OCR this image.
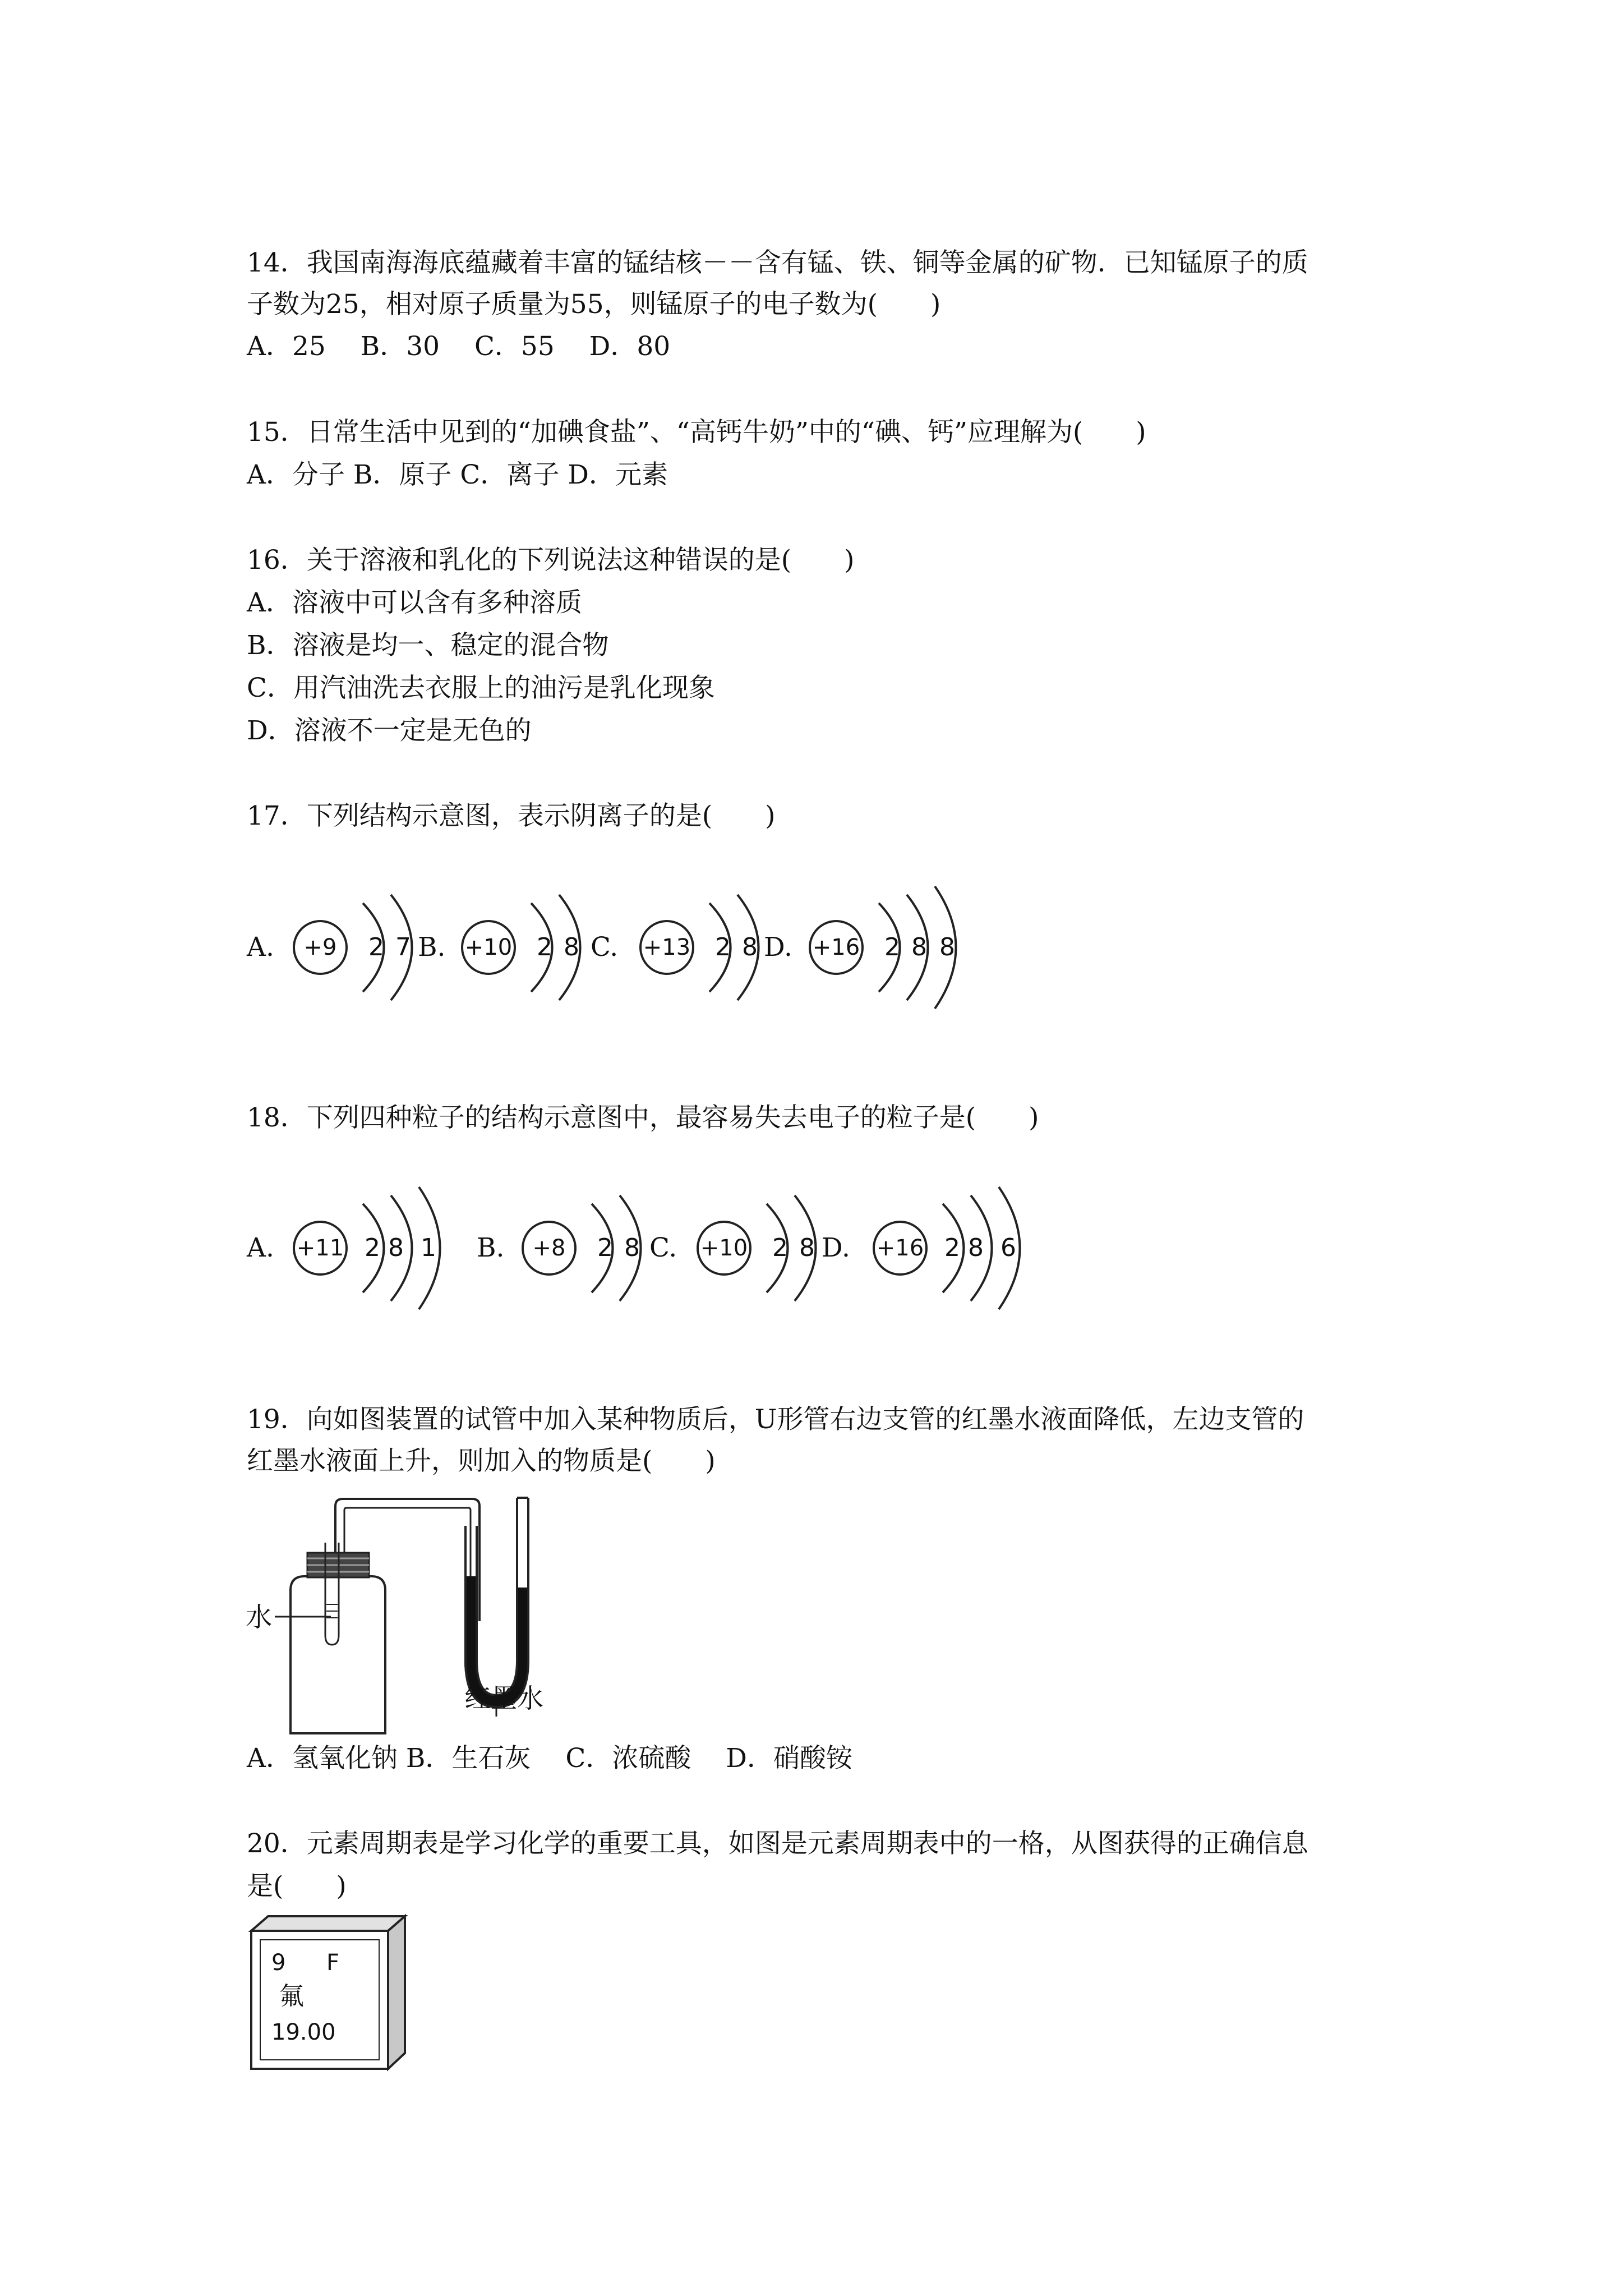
14．我国南海海底蕴藏着丰富的锰结核－－含有锰、铁、铜等金属的矿物．已知锰原子的质
子数为25，相对原子质量为55，则锰原子的电子数为(　　)
A．25　 B．30　 C．55　 D．80
15．日常生活中见到的“加碘食盐”、“高钙牛奶”中的“碘、钙”应理解为(　　)
A．分子 B．原子 C．离子 D．元素
16．关于溶液和乳化的下列说法这种错误的是(　　)
A．溶液中可以含有多种溶质
B．溶液是均一、稳定的混合物
C．用汽油洗去衣服上的油污是乳化现象
D．溶液不一定是无色的
17．下列结构示意图，表示阴离子的是(　　)
A.	+9	2 7 B. +10 2 8 C. +13 2 8 D. +16 2 8 8
18．下列四种粒子的结构示意图中，最容易失去电子的粒子是(　　)
A. +11 2 8 1 B.	+8	2 8 C. +10 2 8 D. +16 2 8 6
19．向如图装置的试管中加入某种物质后，U形管右边支管的红墨水液面降低，左边支管的
红墨水液面上升，则加入的物质是(　　)
水
红墨水
A．氢氧化钠 B．生石灰　 C．浓硫酸　 D．硝酸铵
20．元素周期表是学习化学的重要工具，如图是元素周期表中的一格，从图获得的正确信息
是(　　)
9 F
氟
19.00
